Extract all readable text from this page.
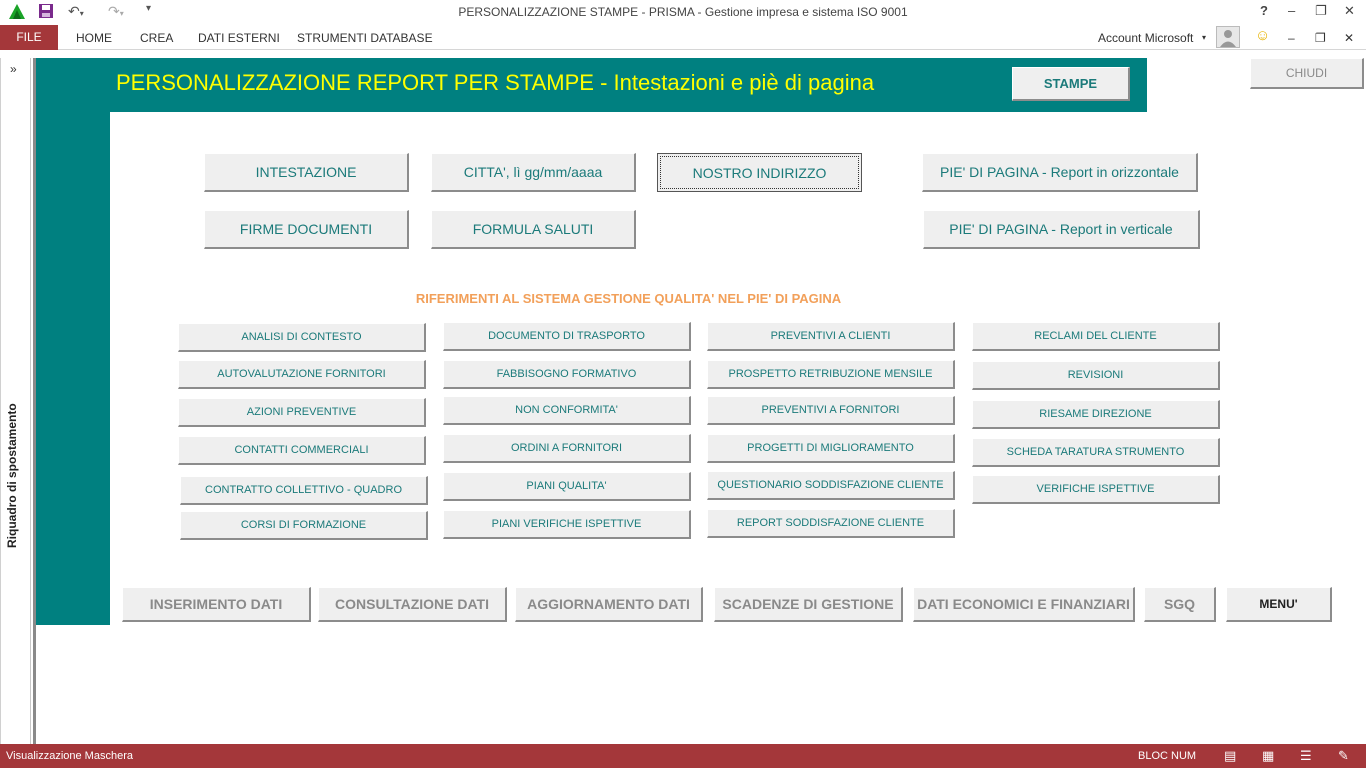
↶▾ ↷▾ ▾	PERSONALIZZAZIONE STAMPE - PRISMA - Gestione impresa e sistema ISO 9001	? – ❐ ✕
FILE	HOME CREA DATI ESTERNI STRUMENTI DATABASE	Account Microsoft ▾	☺ – ❐ ✕
»
Riquadro di spostamento
PERSONALIZZAZIONE REPORT PER STAMPE - Intestazioni e piè di pagina	STAMPE
CHIUDI
INTESTAZIONE	CITTA', lì gg/mm/aaaa	NOSTRO INDIRIZZO	PIE' DI PAGINA - Report in orizzontale
FIRME DOCUMENTI	FORMULA SALUTI	PIE' DI PAGINA - Report in verticale
RIFERIMENTI AL SISTEMA GESTIONE QUALITA' NEL PIE' DI PAGINA
ANALISI DI CONTESTO
AUTOVALUTAZIONE FORNITORI
AZIONI PREVENTIVE
CONTATTI COMMERCIALI
CONTRATTO COLLETTIVO - QUADRO
CORSI DI FORMAZIONE
DOCUMENTO DI TRASPORTO
FABBISOGNO FORMATIVO
NON CONFORMITA'
ORDINI A FORNITORI
PIANI QUALITA'
PIANI VERIFICHE ISPETTIVE
PREVENTIVI A CLIENTI
PROSPETTO RETRIBUZIONE MENSILE
PREVENTIVI A FORNITORI
PROGETTI DI MIGLIORAMENTO
QUESTIONARIO SODDISFAZIONE CLIENTE
REPORT SODDISFAZIONE CLIENTE
RECLAMI DEL CLIENTE
REVISIONI
RIESAME DIREZIONE
SCHEDA TARATURA STRUMENTO
VERIFICHE ISPETTIVE
INSERIMENTO DATI	CONSULTAZIONE DATI	AGGIORNAMENTO DATI	SCADENZE DI GESTIONE	DATI ECONOMICI E FINANZIARI	SGQ	MENU'
Visualizzazione Maschera	BLOC NUM ▤ ▦ ☰ ✎
